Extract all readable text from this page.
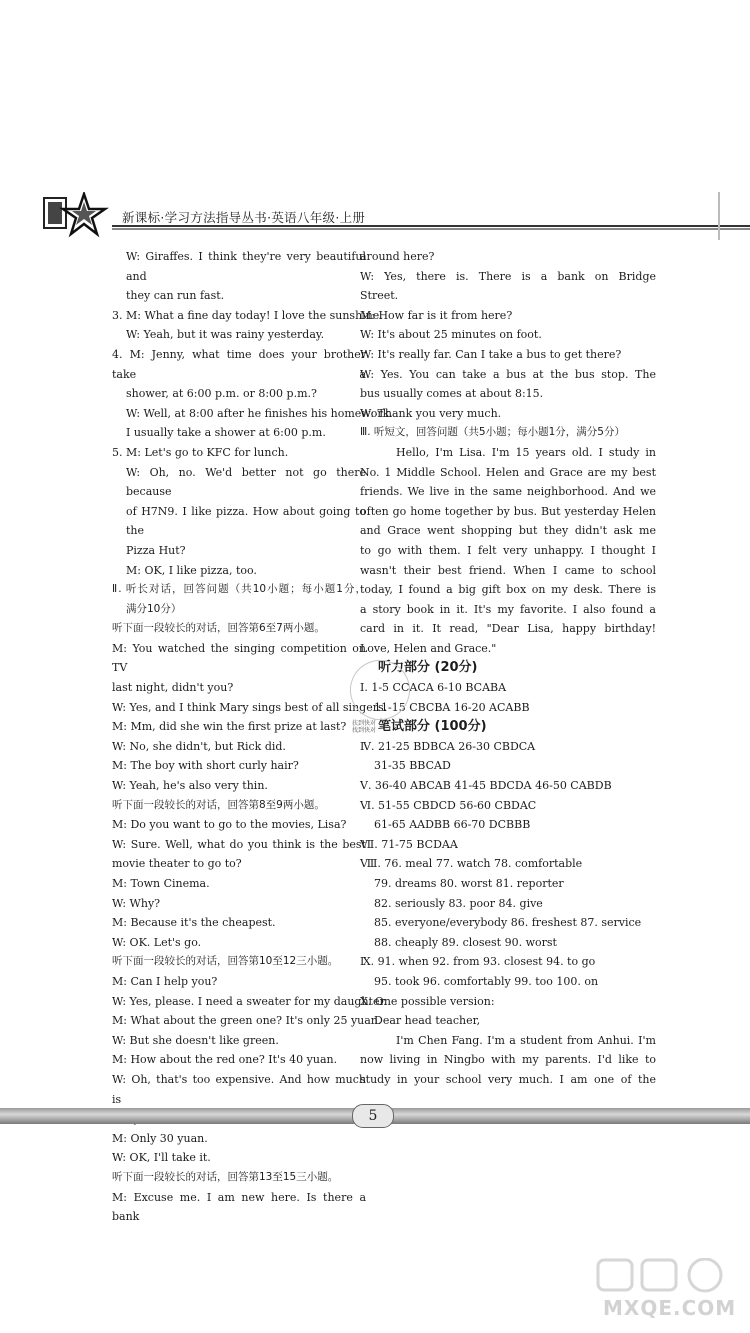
新课标·学习方法指导丛书·英语八年级·上册
W: Giraffes. I think they're very beautiful and
they can run fast.
3. M: What a fine day today! I love the sunshine.
W: Yeah, but it was rainy yesterday.
4. M: Jenny, what time does your brother take a
shower, at 6:00 p.m. or 8:00 p.m.?
W: Well, at 8:00 after he finishes his homework.
I usually take a shower at 6:00 p.m.
5. M: Let's go to KFC for lunch.
W: Oh, no. We'd better not go there because
of H7N9. I like pizza. How about going to the
Pizza Hut?
M: OK, I like pizza, too.
Ⅱ. 听长对话，回答问题（共10小题；每小题1分，
满分10分）
听下面一段较长的对话，回答第6至7两小题。
M: You watched the singing competition on TV
last night, didn't you?
W: Yes, and I think Mary sings best of all singers.
M: Mm, did she win the first prize at last?
W: No, she didn't, but Rick did.
M: The boy with short curly hair?
W: Yeah, he's also very thin.
听下面一段较长的对话，回答第8至9两小题。
M: Do you want to go to the movies, Lisa?
W: Sure. Well, what do you think is the best
movie theater to go to?
M: Town Cinema.
W: Why?
M: Because it's the cheapest.
W: OK. Let's go.
听下面一段较长的对话，回答第10至12三小题。
M: Can I help you?
W: Yes, please. I need a sweater for my daughter.
M: What about the green one? It's only 25 yuan.
W: But she doesn't like green.
M: How about the red one? It's 40 yuan.
W: Oh, that's too expensive. And how much is
M: Only 30 yuan.
W: OK, I'll take it.
听下面一段较长的对话，回答第13至15三小题。
M: Excuse me. I am new here. Is there a bank
around here?
W: Yes, there is. There is a bank on Bridge
Street.
M: How far is it from here?
W: It's about 25 minutes on foot.
W: It's really far. Can I take a bus to get there?
W: Yes. You can take a bus at the bus stop. The
bus usually comes at about 8:15.
W: Thank you very much.
Ⅲ. 听短文，回答问题（共5小题；每小题1分，满分5分）
Hello, I'm Lisa. I'm 15 years old. I study in
No. 1 Middle School. Helen and Grace are my best
friends. We live in the same neighborhood. And we
often go home together by bus. But yesterday Helen
and Grace went shopping but they didn't ask me
to go with them. I felt very unhappy. I thought I
wasn't their best friend. When I came to school
today, I found a big gift box on my desk. There is
a story book in it. It's my favorite. I also found a
card in it. It read, "Dear Lisa, happy birthday!
Love, Helen and Grace."
听力部分 (20分)
Ⅰ. 1-5 CCACA 6-10 BCABA
11-15 CBCBA 16-20 ACABB
笔试部分 (100分)
Ⅳ. 21-25 BDBCA 26-30 CBDCA
31-35 BBCAD
Ⅴ. 36-40 ABCAB 41-45 BDCDA 46-50 CABDB
Ⅵ. 51-55 CBDCD 56-60 CBDAC
61-65 AADBB 66-70 DCBBB
Ⅶ. 71-75 BCDAA
Ⅷ. 76. meal 77. watch 78. comfortable
79. dreams 80. worst 81. reporter
82. seriously 83. poor 84. give
85. everyone/everybody 86. freshest 87. service
88. cheaply 89. closest 90. worst
Ⅸ. 91. when 92. from 93. closest 94. to go
95. took 96. comfortably 99. too 100. on
Ⅹ. One possible version:
Dear head teacher,
I'm Chen Fang. I'm a student from Anhui. I'm
now living in Ningbo with my parents. I'd like to
study in your school very much. I am one of the
扶到快对
找到快对
5
MXQE.COM
